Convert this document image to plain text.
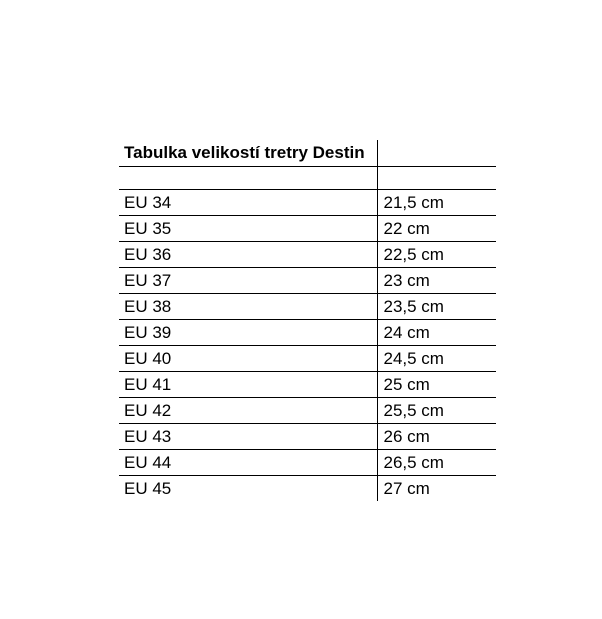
Tabulka velikostí tretry Destin	

EU 34	21,5 cm
EU 35	22 cm
EU 36	22,5 cm
EU 37	23 cm
EU 38	23,5 cm
EU 39	24 cm
EU 40	24,5 cm
EU 41	25 cm
EU 42	25,5 cm
EU 43	26 cm
EU 44	26,5 cm
EU 45	27 cm
